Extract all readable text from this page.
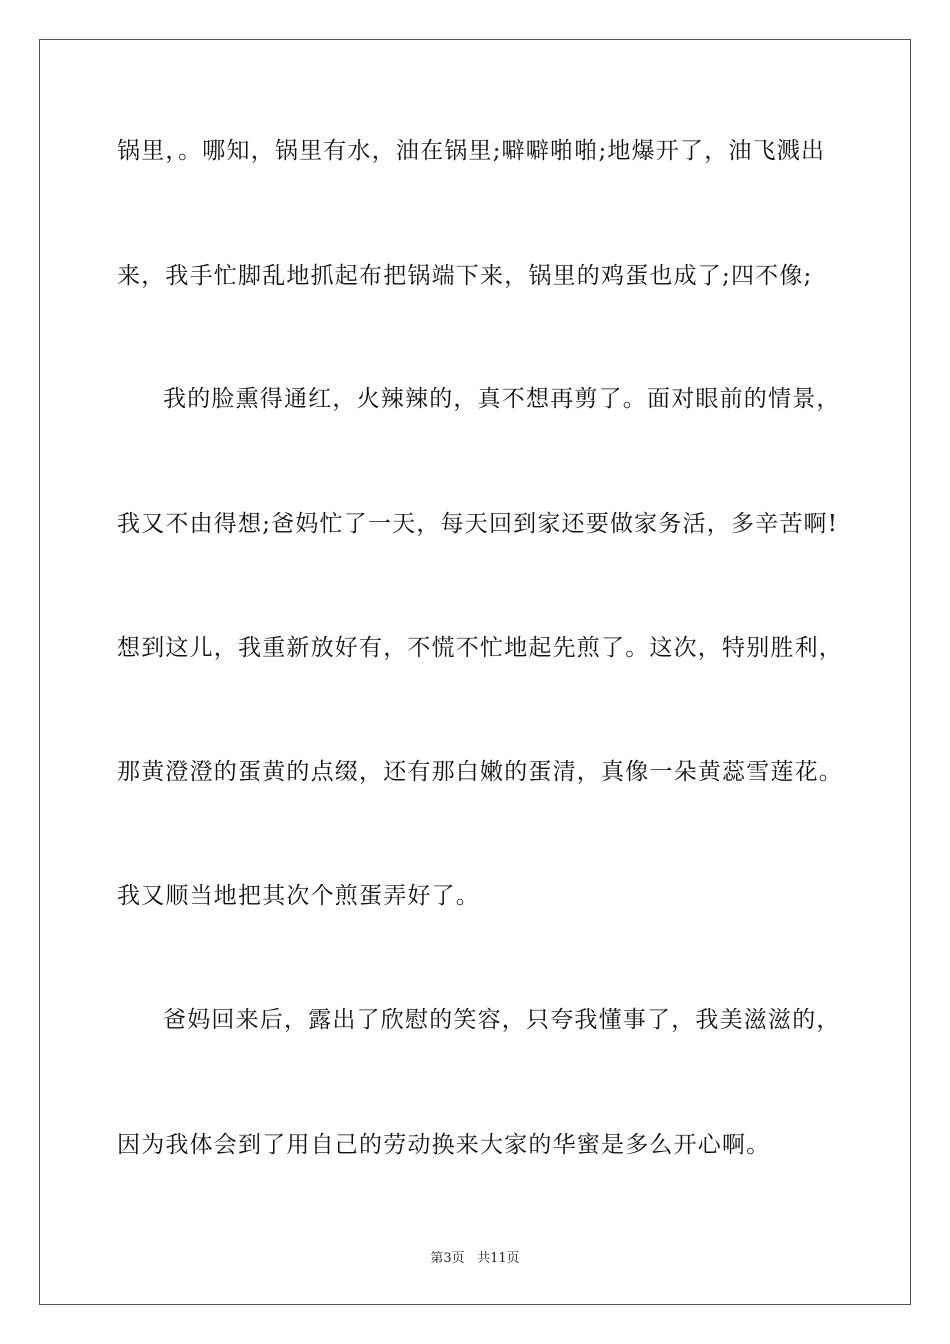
锅里，。哪知，锅里有水，油在锅里;噼噼啪啪;地爆开了，油飞溅出
来，我手忙脚乱地抓起布把锅端下来，锅里的鸡蛋也成了;四不像;
我的脸熏得通红，火辣辣的，真不想再剪了。面对眼前的情景，
我又不由得想;爸妈忙了一天，每天回到家还要做家务活，多辛苦啊!
想到这儿，我重新放好有，不慌不忙地起先煎了。这次，特别胜利，
那黄澄澄的蛋黄的点缀，还有那白嫩的蛋清，真像一朵黄蕊雪莲花。
我又顺当地把其次个煎蛋弄好了。
爸妈回来后，露出了欣慰的笑容，只夸我懂事了，我美滋滋的，
因为我体会到了用自己的劳动换来大家的华蜜是多么开心啊。
第3页 共11页
